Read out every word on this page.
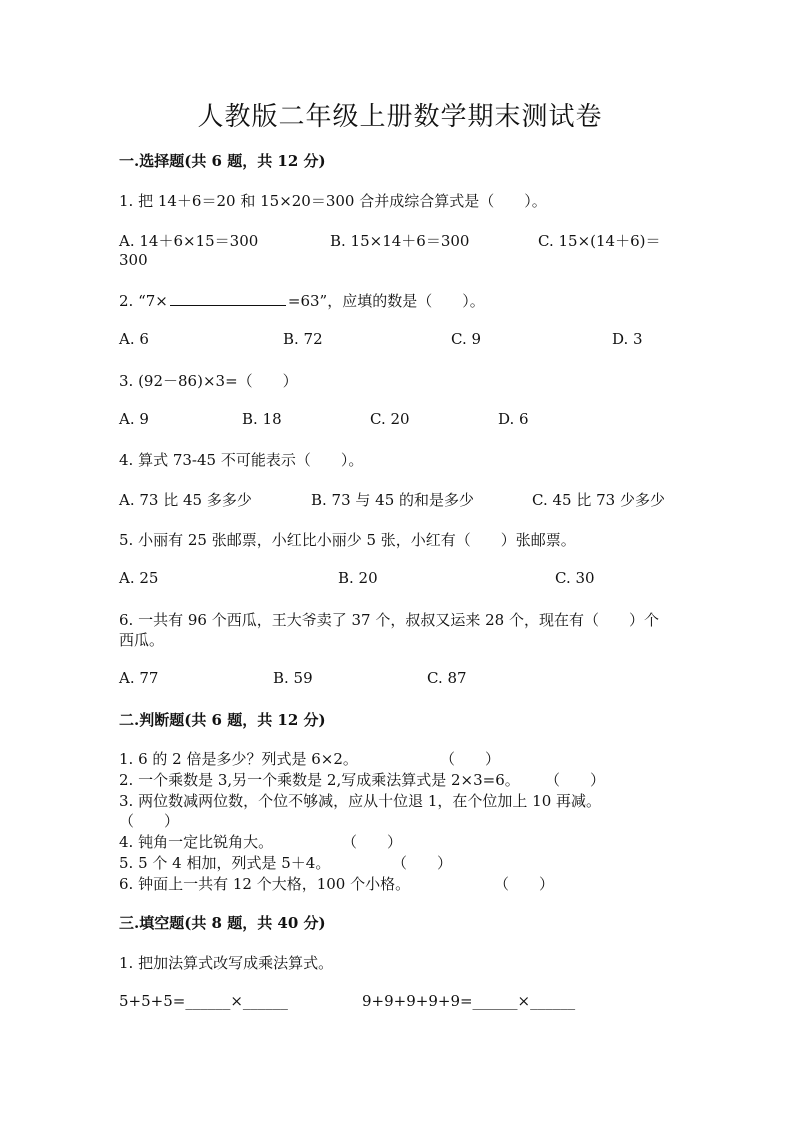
人教版二年级上册数学期末测试卷
一.选择题(共 6 题，共 12 分)
1. 把 14＋6＝20 和 15×20＝300 合并成综合算式是（　　）。
A. 14＋6×15＝300	B. 15×14＋6＝300	C. 15×(14＋6)＝
300
2. “7×	=63”，应填的数是（　　）。
A. 6	B. 72	C. 9	D. 3
3. (92－86)×3=（　　）
A. 9	B. 18	C. 20	D. 6
4. 算式 73-45 不可能表示（　　）。
A. 73 比 45 多多少	B. 73 与 45 的和是多少	C. 45 比 73 少多少
5. 小丽有 25 张邮票，小红比小丽少 5 张，小红有（　　）张邮票。
A. 25	B. 20	C. 30
6. 一共有 96 个西瓜，王大爷卖了 37 个，叔叔又运来 28 个，现在有（　　）个
西瓜。
A. 77	B. 59	C. 87
二.判断题(共 6 题，共 12 分)
1. 6 的 2 倍是多少？列式是 6×2。	（　　）
2. 一个乘数是 3,另一个乘数是 2,写成乘法算式是 2×3=6。 （　　）
3. 两位数减两位数，个位不够减，应从十位退 1，在个位加上 10 再减。
（　　）
4. 钝角一定比锐角大。	（　　）
5. 5 个 4 相加，列式是 5＋4。	（　　）
6. 钟面上一共有 12 个大格，100 个小格。	（　　）
三.填空题(共 8 题，共 40 分)
1. 把加法算式改写成乘法算式。
5+5+5=______×______	9+9+9+9+9=______×______
